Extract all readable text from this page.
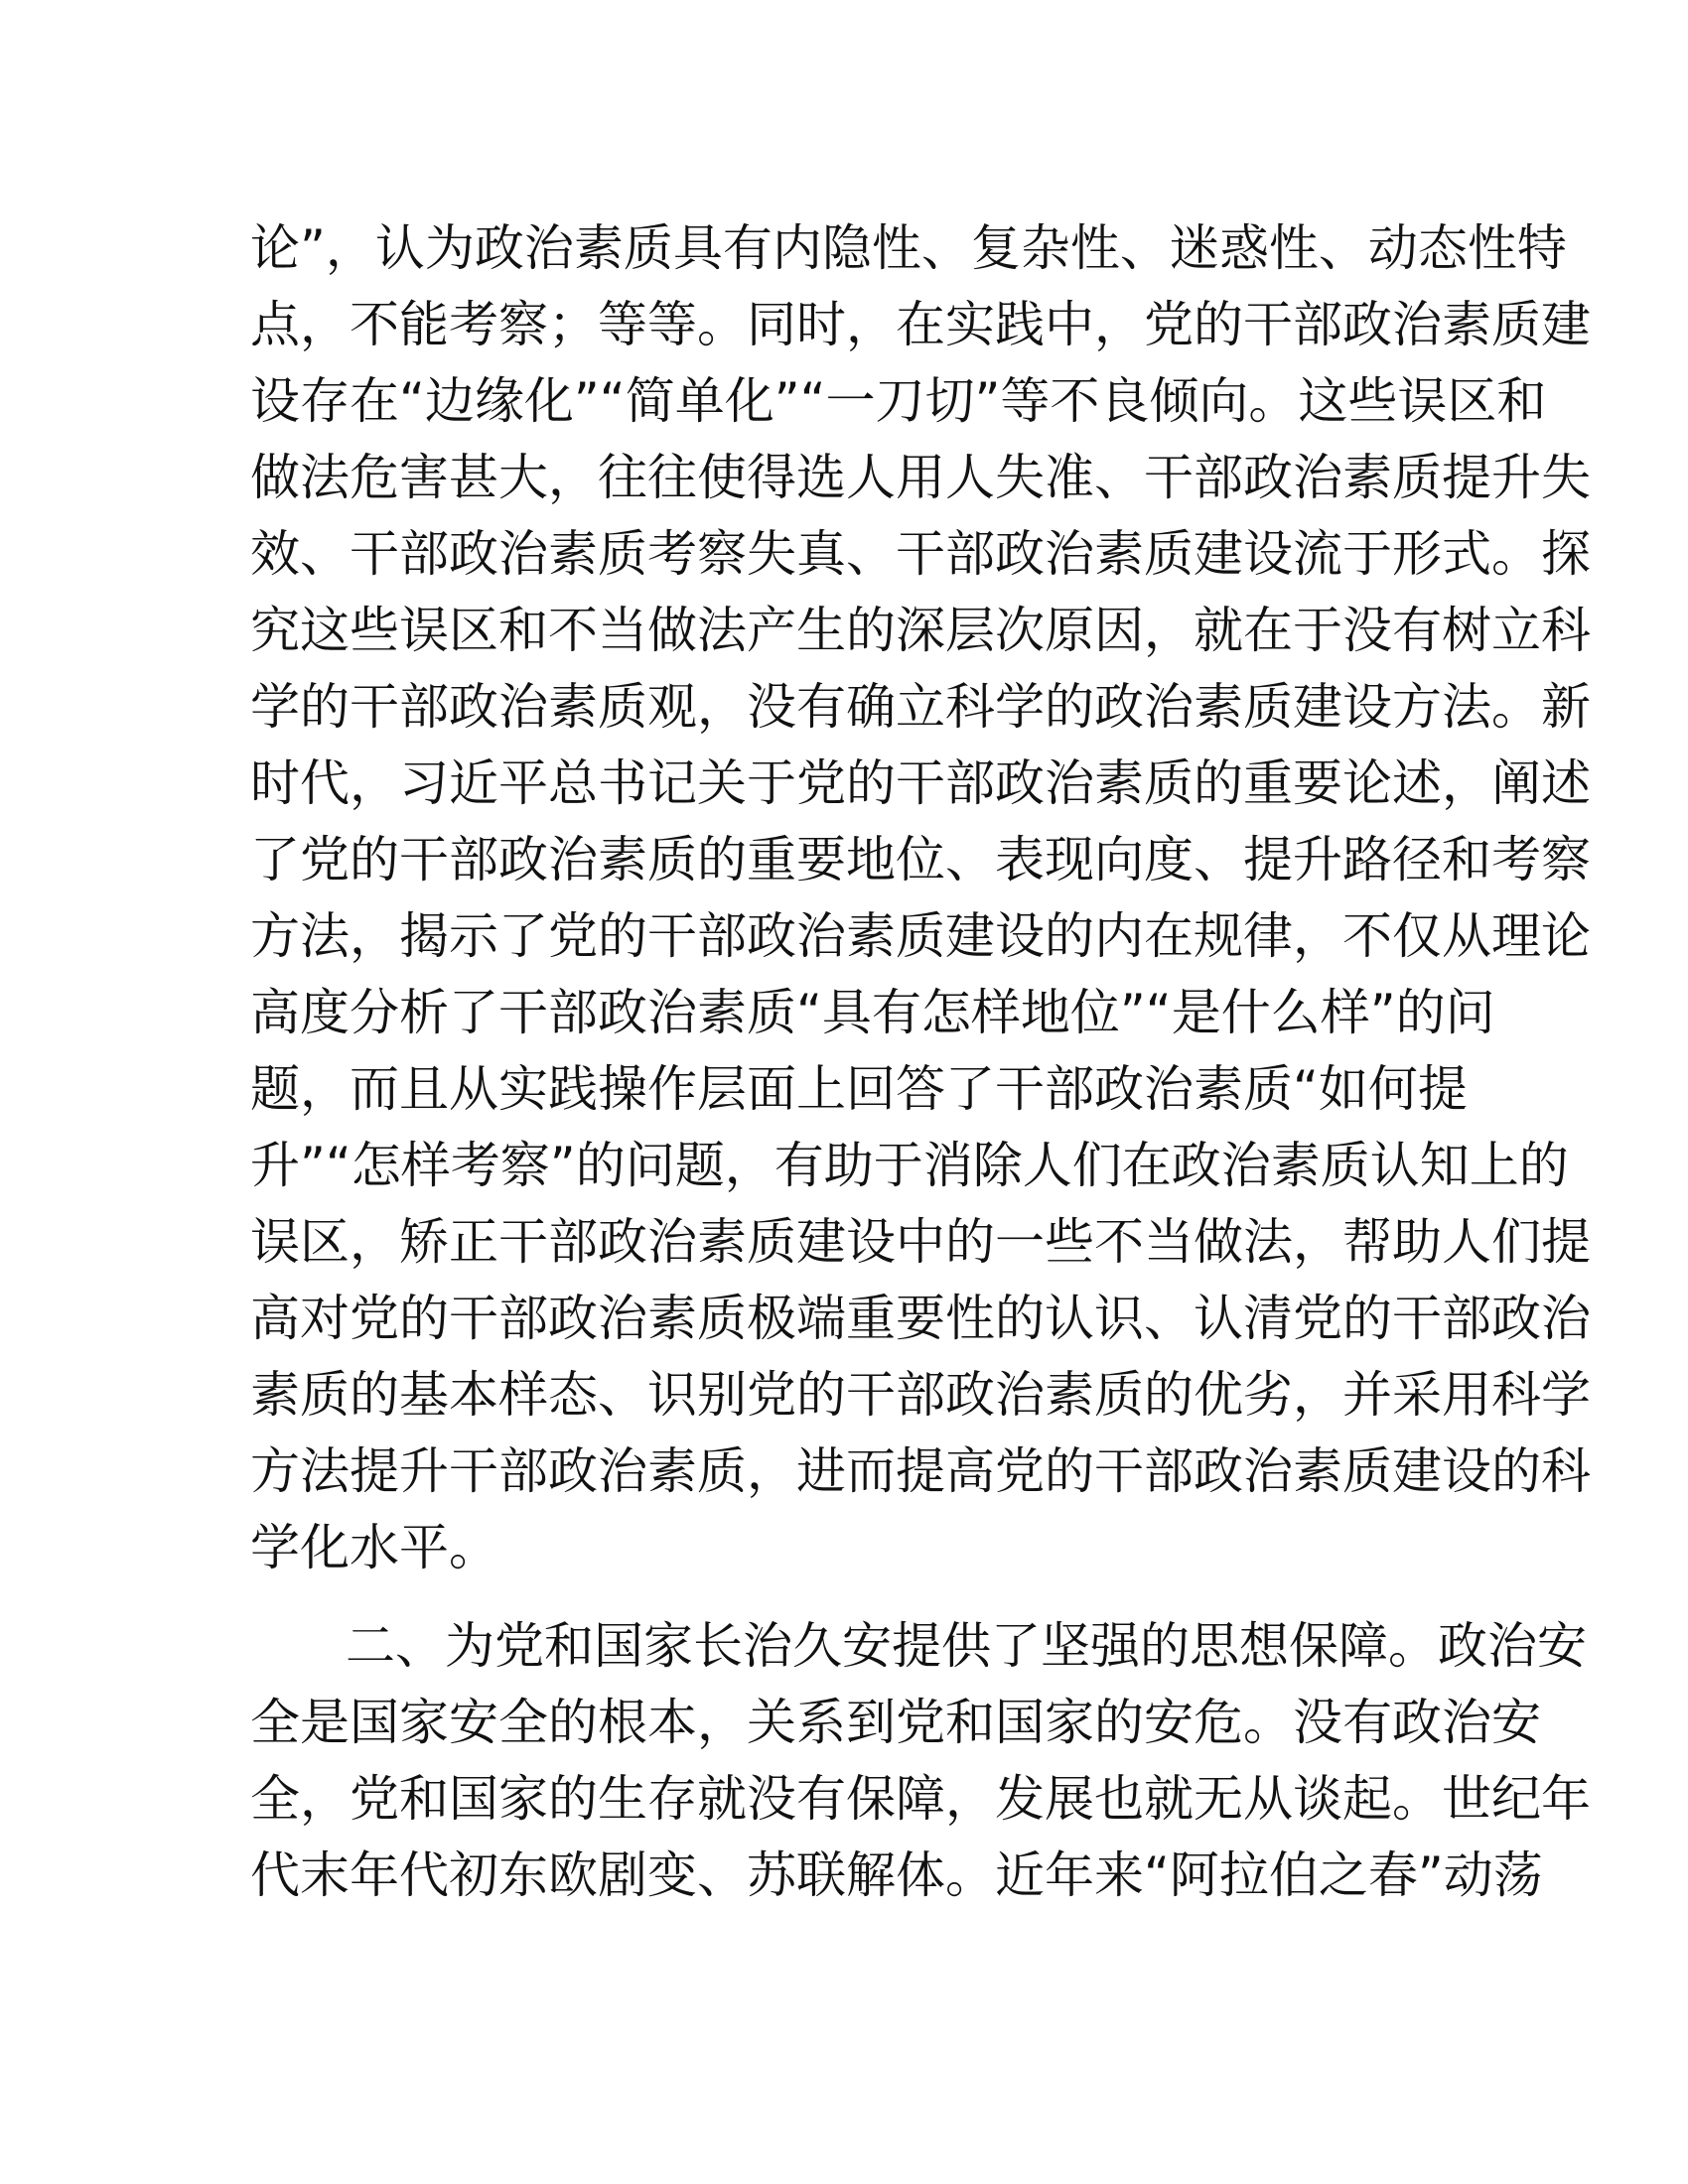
论”，认为政治素质具有内隐性、复杂性、迷惑性、动态性特
点，不能考察；等等。同时，在实践中，党的干部政治素质建
设存在“边缘化”“简单化”“一刀切”等不良倾向。这些误区和
做法危害甚大，往往使得选人用人失准、干部政治素质提升失
效、干部政治素质考察失真、干部政治素质建设流于形式。探
究这些误区和不当做法产生的深层次原因，就在于没有树立科
学的干部政治素质观，没有确立科学的政治素质建设方法。新
时代，习近平总书记关于党的干部政治素质的重要论述，阐述
了党的干部政治素质的重要地位、表现向度、提升路径和考察
方法，揭示了党的干部政治素质建设的内在规律，不仅从理论
高度分析了干部政治素质“具有怎样地位”“是什么样”的问
题，而且从实践操作层面上回答了干部政治素质“如何提
升”“怎样考察”的问题，有助于消除人们在政治素质认知上的
误区，矫正干部政治素质建设中的一些不当做法，帮助人们提
高对党的干部政治素质极端重要性的认识、认清党的干部政治
素质的基本样态、识别党的干部政治素质的优劣，并采用科学
方法提升干部政治素质，进而提高党的干部政治素质建设的科
学化水平。
二、为党和国家长治久安提供了坚强的思想保障。政治安
全是国家安全的根本，关系到党和国家的安危。没有政治安
全，党和国家的生存就没有保障，发展也就无从谈起。世纪年
代末年代初东欧剧变、苏联解体。近年来“阿拉伯之春”动荡
